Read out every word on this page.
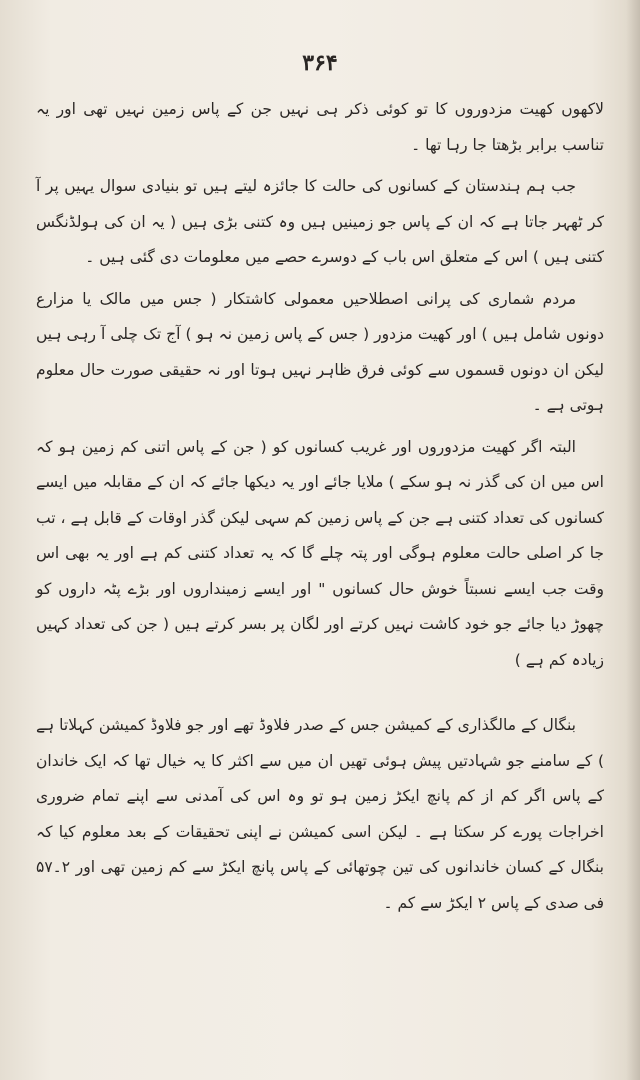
۳۶۴

لاکھوں کھیت مزدوروں کا تو کوئی ذکر ہی نہیں جن کے پاس زمین نہیں تھی اور یہ تناسب برابر بڑھتا جا رہا تھا ۔

جب ہم ہندستان کے کسانوں کی حالت کا جائزہ لیتے ہیں تو بنیادی سوال یہیں پر آ کر ٹھہر جاتا ہے کہ ان کے پاس جو زمینیں ہیں وہ کتنی بڑی ہیں ( یہ ان کی ہولڈنگس کتنی ہیں ) اس کے متعلق اس باب کے دوسرے حصے میں معلومات دی گئی ہیں ۔

مردم شماری کی پرانی اصطلاحیں معمولی کاشتکار ( جس میں مالک یا مزارع دونوں شامل ہیں ) اور کھیت مزدور ( جس کے پاس زمین نہ ہو ) آج تک چلی آ رہی ہیں لیکن ان دونوں قسموں سے کوئی فرق ظاہر نہیں ہوتا اور نہ حقیقی صورت حال معلوم ہوتی ہے ۔

البتہ اگر کھیت مزدوروں اور غریب کسانوں کو ( جن کے پاس اتنی کم زمین ہو کہ اس میں ان کی گذر نہ ہو سکے ) ملایا جائے اور یہ دیکھا جائے کہ ان کے مقابلہ میں ایسے کسانوں کی تعداد کتنی ہے جن کے پاس زمین کم سہی لیکن گذر اوقات کے قابل ہے ، تب جا کر اصلی حالت معلوم ہوگی اور پتہ چلے گا کہ یہ تعداد کتنی کم ہے اور یہ بھی اس وقت جب ایسے نسبتاً خوش حال کسانوں " اور ایسے زمینداروں اور بڑے پٹہ داروں کو چھوڑ دیا جائے جو خود کاشت نہیں کرتے اور لگان پر بسر کرتے ہیں ( جن کی تعداد کہیں زیادہ کم ہے )

بنگال کے مالگذاری کے کمیشن جس کے صدر فلاوڈ تھے اور جو فلاوڈ کمیشن کہلاتا ہے ) کے سامنے جو شہادتیں پیش ہوئی تھیں ان میں سے اکثر کا یہ خیال تھا کہ ایک خاندان کے پاس اگر کم از کم پانچ ایکڑ زمین ہو تو وہ اس کی آمدنی سے اپنے تمام ضروری اخراجات پورے کر سکتا ہے ۔ لیکن اسی کمیشن نے اپنی تحقیقات کے بعد معلوم کیا کہ بنگال کے کسان خاندانوں کی تین چوتھائی کے پاس پانچ ایکڑ سے کم زمین تھی اور ۲۔۵۷ فی صدی کے پاس ۲ ایکڑ سے کم ۔
